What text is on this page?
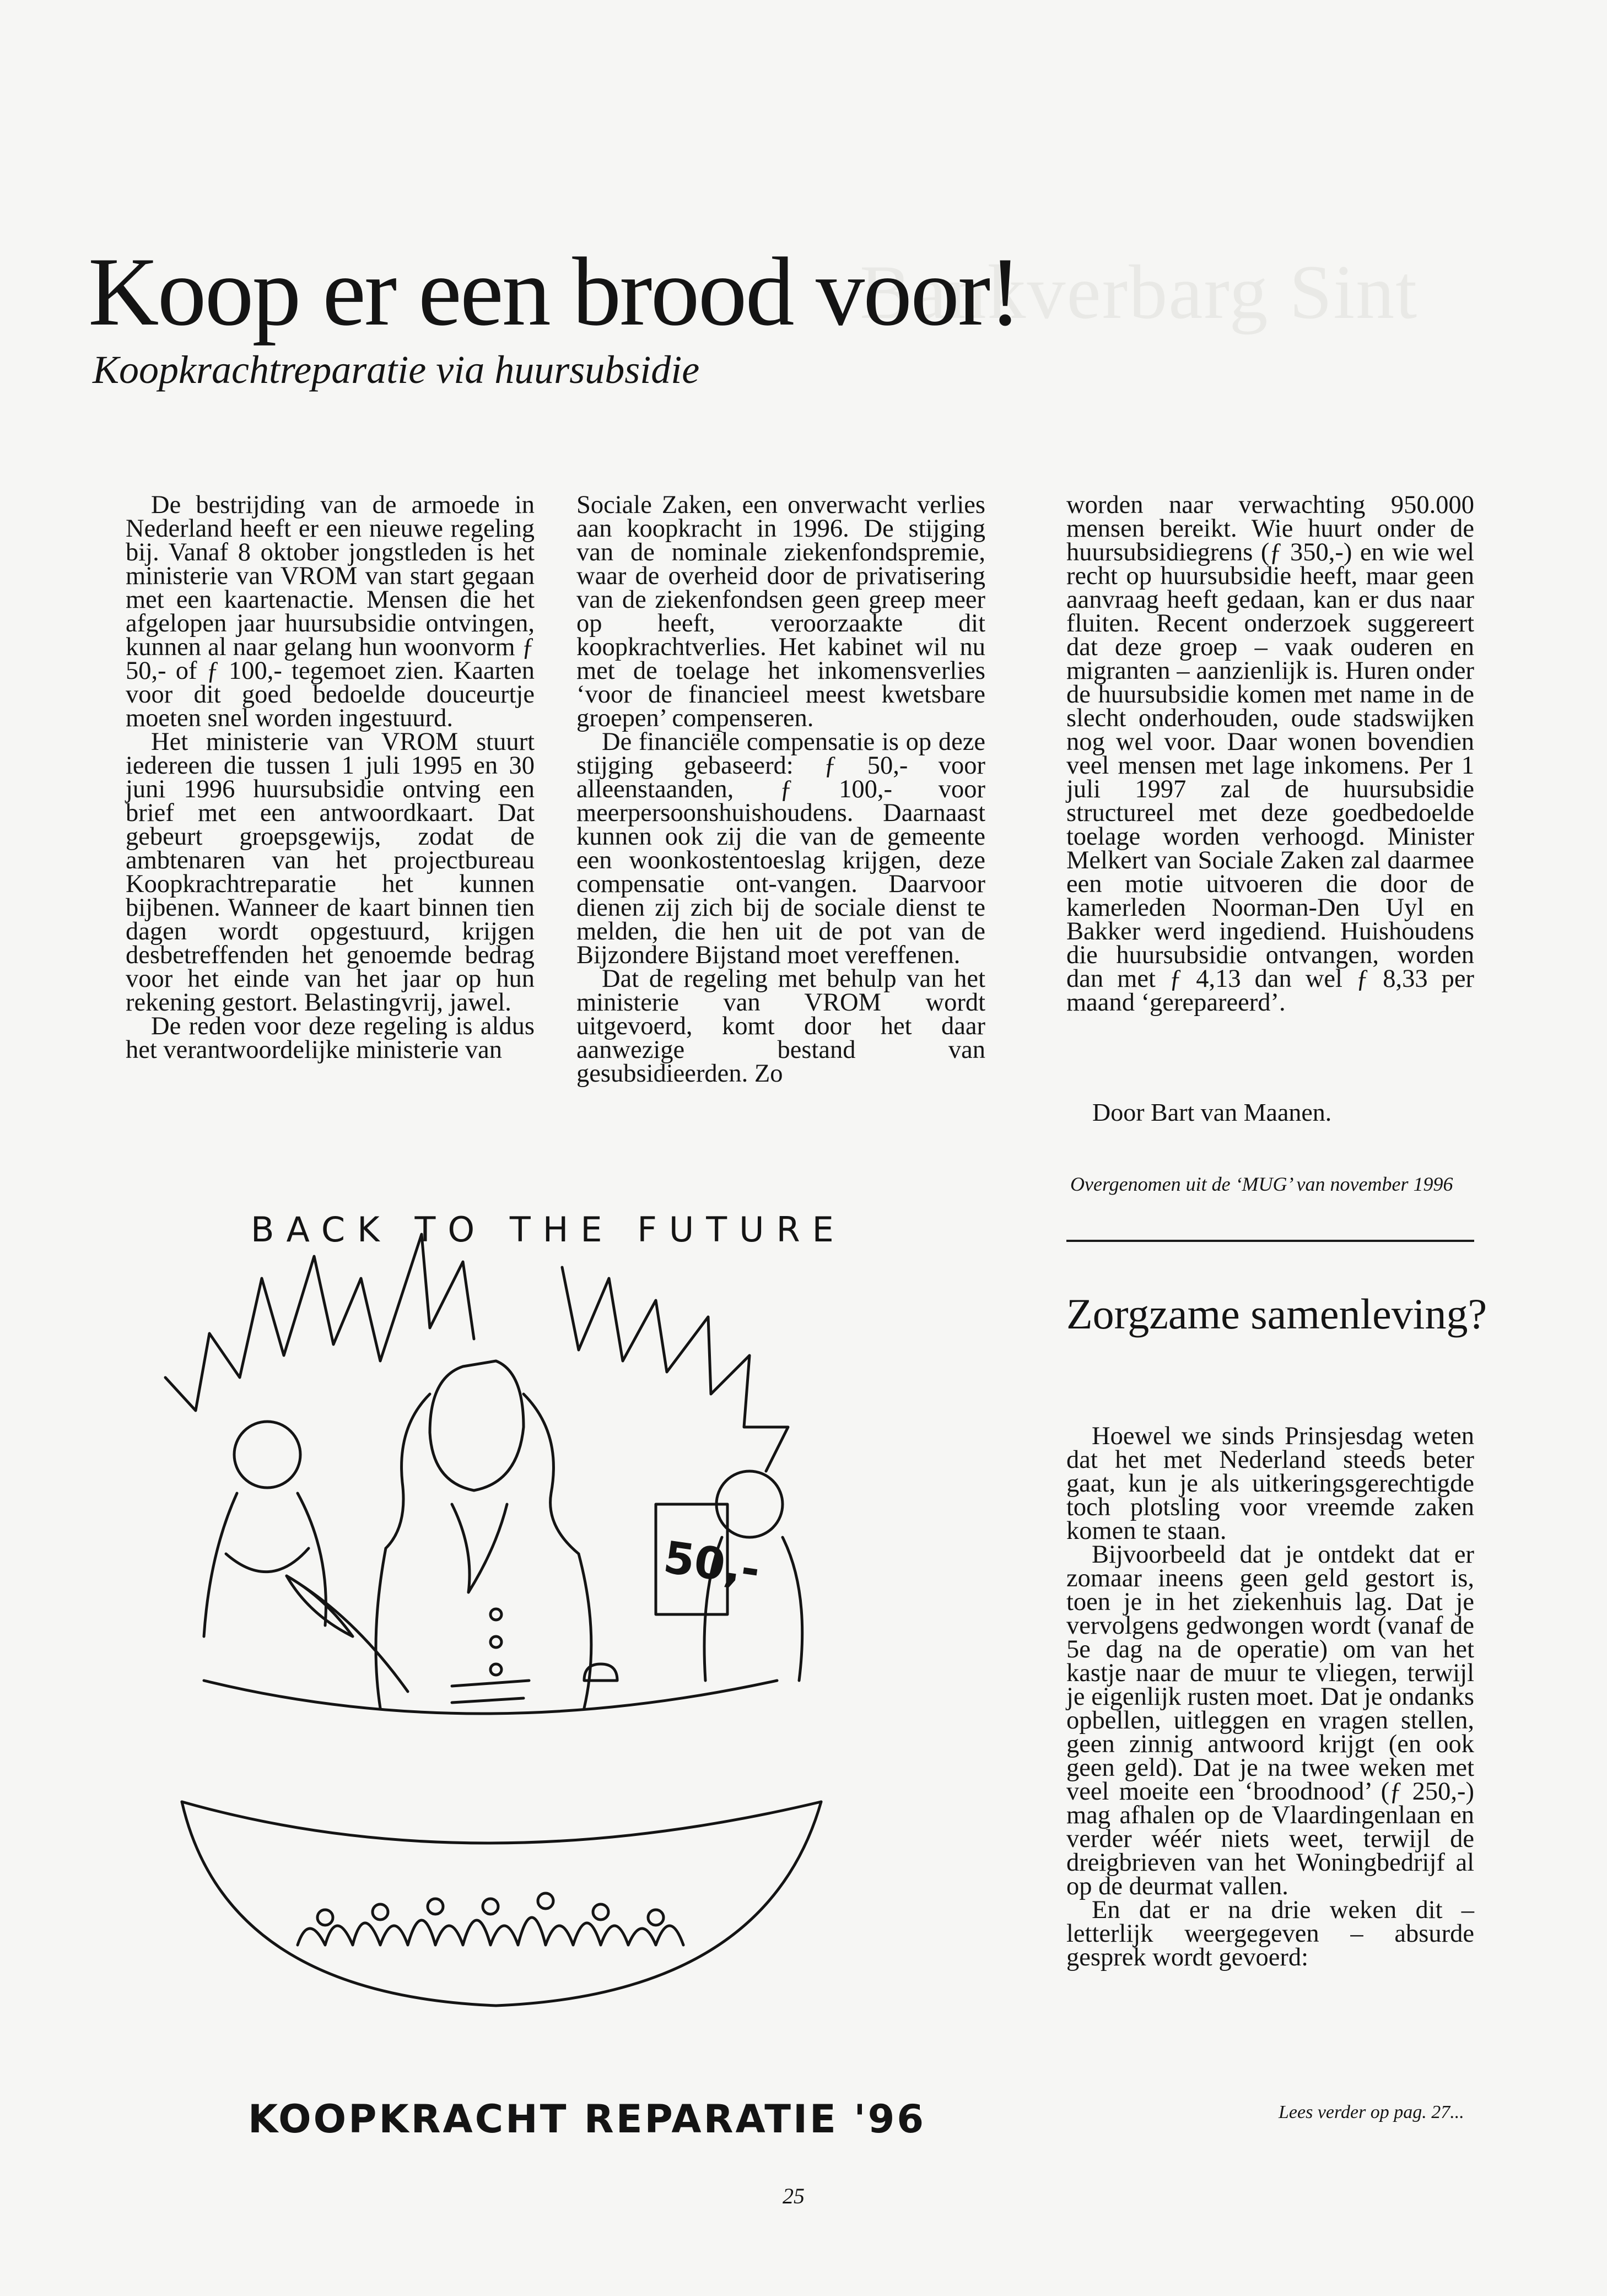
Bankverbarg Sint
Koop er een brood voor!
Koopkrachtreparatie via huursubsidie

De bestrijding van de armoede in Nederland heeft er een nieuwe regeling bij. Vanaf 8 oktober jongstleden is het ministerie van VROM van start gegaan met een kaartenactie. Mensen die het afgelopen jaar huursubsidie ontvingen, kunnen al naar gelang hun woonvorm ƒ 50,- of ƒ 100,- tegemoet zien. Kaarten voor dit goed bedoelde douceurtje moeten snel worden ingestuurd.

Het ministerie van VROM stuurt iedereen die tussen 1 juli 1995 en 30 juni 1996 huursubsidie ontving een brief met een antwoordkaart. Dat gebeurt groepsgewijs, zodat de ambtenaren van het projectbureau Koopkrachtreparatie het kunnen bijbenen. Wanneer de kaart binnen tien dagen wordt opgestuurd, krijgen desbetreffenden het genoemde bedrag voor het einde van het jaar op hun rekening gestort. Belastingvrij, jawel.

De reden voor deze regeling is aldus het verantwoordelijke ministerie van

Sociale Zaken, een onverwacht verlies aan koopkracht in 1996. De stijging van de nominale ziekenfondspremie, waar de overheid door de privatisering van de ziekenfondsen geen greep meer op heeft, veroorzaakte dit koopkrachtverlies. Het kabinet wil nu met de toelage het inkomensverlies ‘voor de financieel meest kwetsbare groepen’ compenseren.

De financiële compensatie is op deze stijging gebaseerd: ƒ 50,- voor alleenstaanden, ƒ 100,- voor meerpersoonshuishoudens. Daarnaast kunnen ook zij die van de gemeente een woonkostentoeslag krijgen, deze compensatie ont-vangen. Daarvoor dienen zij zich bij de sociale dienst te melden, die hen uit de pot van de Bijzondere Bijstand moet vereffenen.

Dat de regeling met behulp van het ministerie van VROM wordt uitgevoerd, komt door het daar aanwezige bestand van gesubsidieerden. Zo

worden naar verwachting 950.000 mensen bereikt. Wie huurt onder de huursubsidiegrens (ƒ 350,-) en wie wel recht op huursubsidie heeft, maar geen aanvraag heeft gedaan, kan er dus naar fluiten. Recent onderzoek suggereert dat deze groep – vaak ouderen en migranten – aanzienlijk is. Huren onder de huursubsidie komen met name in de slecht onderhouden, oude stadswijken nog wel voor. Daar wonen bovendien veel mensen met lage inkomens. Per 1 juli 1997 zal de huursubsidie structureel met deze goedbedoelde toelage worden verhoogd. Minister Melkert van Sociale Zaken zal daarmee een motie uitvoeren die door de kamerleden Noorman-Den Uyl en Bakker werd ingediend. Huishoudens die huursubsidie ontvangen, worden dan met ƒ 4,13 dan wel ƒ 8,33 per maand ‘gerepareerd’.

Door Bart van Maanen.
Overgenomen uit de ‘MUG’ van november 1996
BACK TO THE FUTURE
50,-
KOOPKRACHT REPARATIE '96
Zorgzame samenleving?

Hoewel we sinds Prinsjesdag weten dat het met Nederland steeds beter gaat, kun je als uitkeringsgerechtigde toch plotsling voor vreemde zaken komen te staan.

Bijvoorbeeld dat je ontdekt dat er zomaar ineens geen geld gestort is, toen je in het ziekenhuis lag. Dat je vervolgens gedwongen wordt (vanaf de 5e dag na de operatie) om van het kastje naar de muur te vliegen, terwijl je eigenlijk rusten moet. Dat je ondanks opbellen, uitleggen en vragen stellen, geen zinnig antwoord krijgt (en ook geen geld). Dat je na twee weken met veel moeite een ‘broodnood’ (ƒ 250,-) mag afhalen op de Vlaardingenlaan en verder wéér niets weet, terwijl de dreigbrieven van het Woningbedrijf al op de deurmat vallen.

En dat er na drie weken dit – letterlijk weergegeven – absurde gesprek wordt gevoerd:

Lees verder op pag. 27...
25
